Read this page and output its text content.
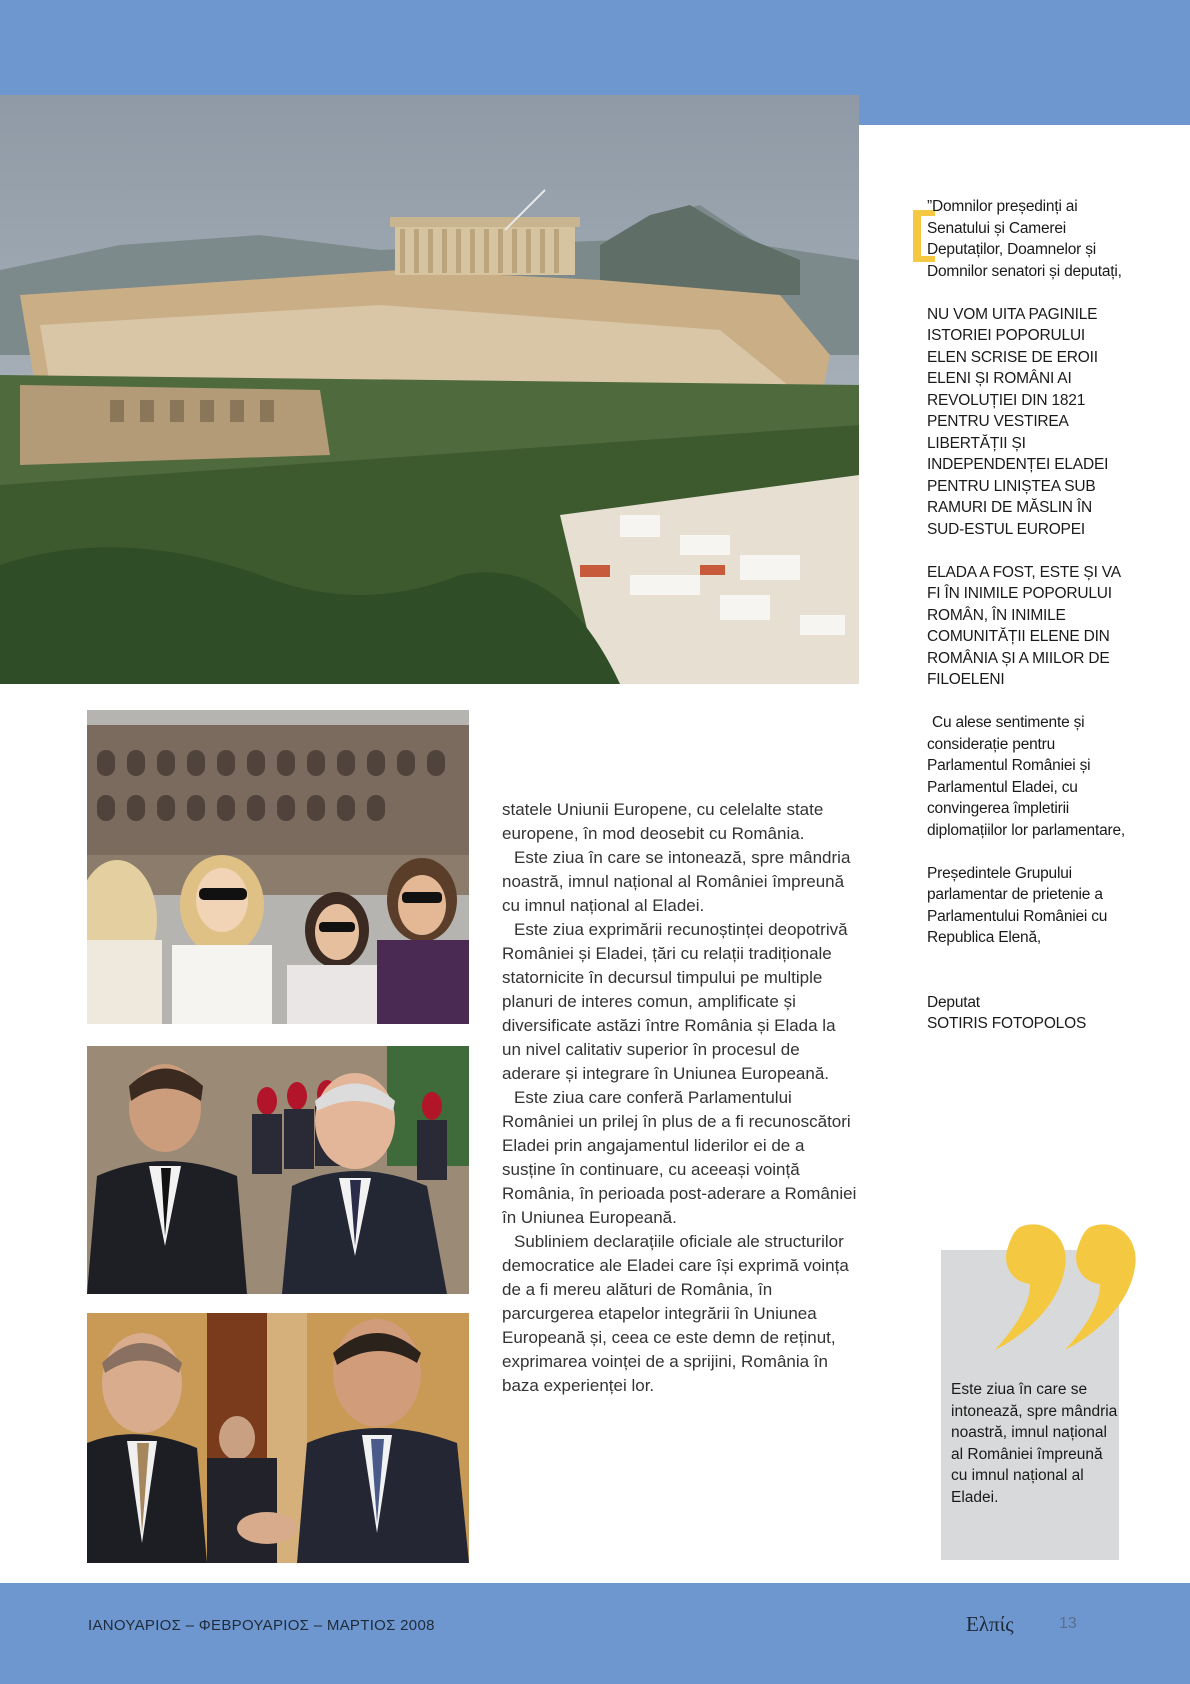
statele Uniunii Europene, cu celelalte state europene, în mod deosebit cu România.

Este ziua în care se intonează, spre mândria noastră, imnul național al României împreună cu imnul național al Eladei.

Este ziua exprimării recunoștinței deopotrivă României și Eladei, țări cu relații tradiționale statornicite în decursul timpului pe multiple planuri de interes comun, amplificate și diversificate astăzi între România și Elada la un nivel calitativ superior în procesul de aderare și integrare în Uniunea Europeană.

Este ziua care conferă Parlamentului României un prilej în plus de a fi recunoscători Eladei prin angajamentul liderilor ei de a susține în continuare, cu aceeași voință România, în perioada post-aderare a României în Uniunea Europeană.

Subliniem declarațiile oficiale ale structurilor democratice ale Eladei care își exprimă voința de a fi mereu alături de România, în parcurgerea etapelor integrării în Uniunea Europeană și, ceea ce este demn de reținut, exprimarea voinței de a sprijini, România în baza experienței lor.

”Domnilor președinți ai Senatului și Camerei Deputaților, Doamnelor și Domnilor senatori și deputați,

NU VOM UITA PAGINILE ISTORIEI POPORULUI ELEN SCRISE DE EROII ELENI ȘI ROMÂNI AI REVOLUȚIEI DIN 1821 PENTRU VESTIREA LIBERTĂȚII ȘI INDEPENDENȚEI ELADEI PENTRU LINIȘTEA SUB RAMURI DE MĂSLIN ÎN SUD-ESTUL EUROPEI

ELADA A FOST, ESTE ȘI VA FI ÎN INIMILE POPORULUI ROMÂN, ÎN INIMILE COMUNITĂȚII ELENE DIN ROMÂNIA ȘI A MIILOR DE FILOELENI

Cu alese sentimente și considerație pentru Parlamentul României și Parlamentul Eladei, cu convingerea împletirii diplomațiilor lor parlamentare,

Președintele Grupului parlamentar de prietenie a Parlamentului României cu Republica Elenă,

Deputat
SOTIRIS FOTOPOLOS

Este ziua în care se intonează, spre mândria noastră, imnul național al României împreună cu imnul național al Eladei.
ΙΑΝΟΥΑΡΙΟΣ – ΦΕΒΡΟΥΑΡΙΟΣ – ΜΑΡΤΙΟΣ 2008	Ελπίς	13
